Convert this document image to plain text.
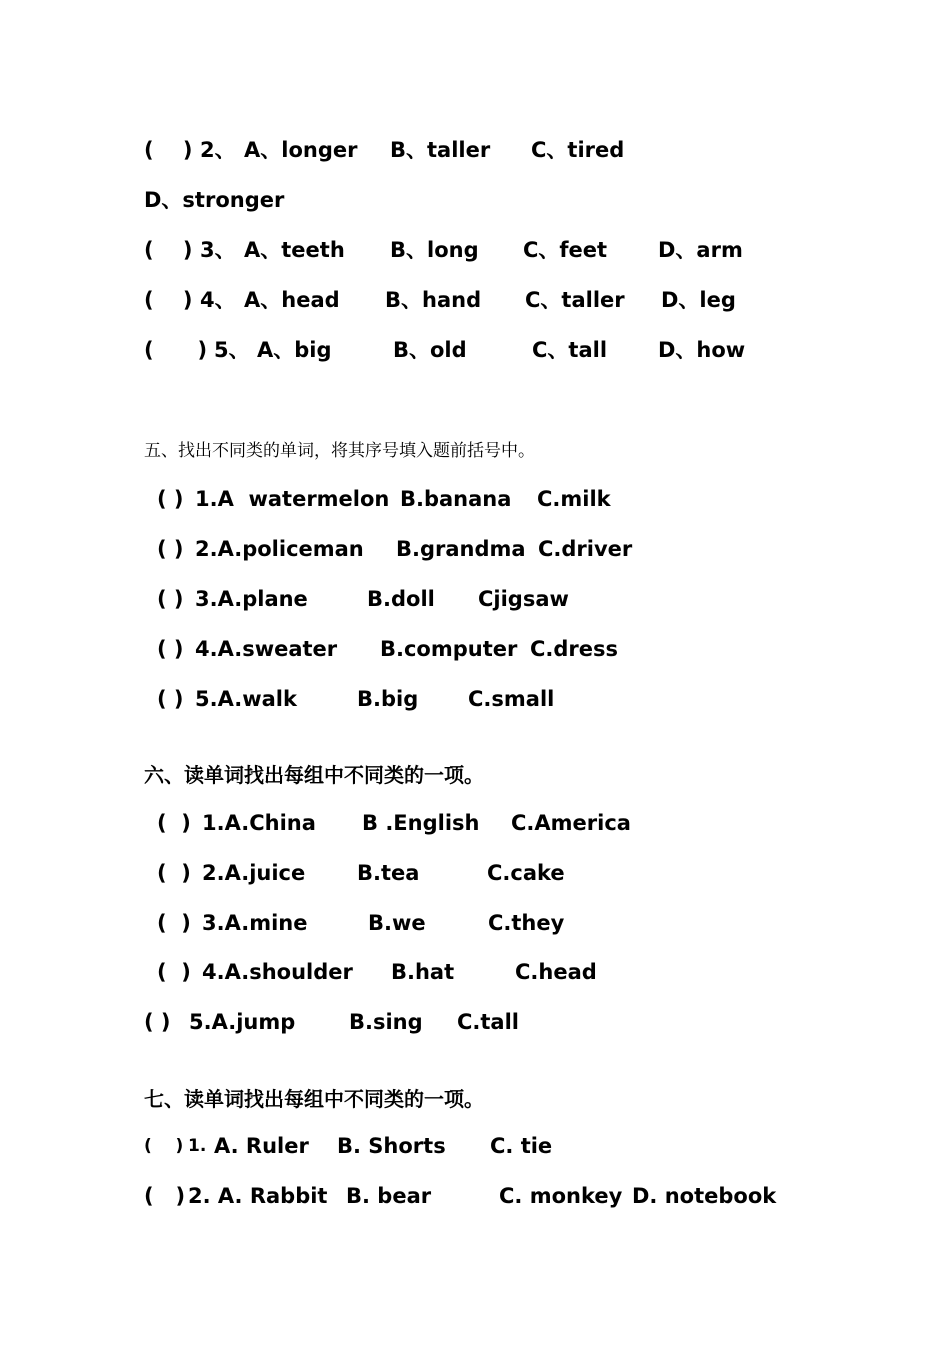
(    )

2、

A、longer

B、taller

C、tired

D、stronger

(    )

3、

A、teeth

B、long

C、feet

D、arm

(    )

4、

A、head

B、hand

C、taller

D、leg

(      )

5、

A、big

	B、old

	C、tall

D、how

五、找出不同类的单词，将其序号填入题前括号中。

( )

1.A  watermelon

B.banana

C.milk

( )

2.A.policeman

B.grandma

C.driver

( )

3.A.plane

	B.doll

Cjigsaw

( )

4.A.sweater

B.computer

C.dress

( )

5.A.walk

	B.big

C.small

六、读单词找出每组中不同类的一项。

(  )

1.A.China

B .English

C.America

(  )

2.A.juice

B.tea

	C.cake

(  )

3.A.mine

	B.we

	C.they

(  )

4.A.shoulder

B.hat

	C.head

( )

5.A.jump

	B.sing

C.tall

七、读单词找出每组中不同类的一项。

(    )

1.

A. Ruler

B. Shorts

C. tie

(   )

2. A. Rabbit

B. bear

	C. monkey

D. notebook
